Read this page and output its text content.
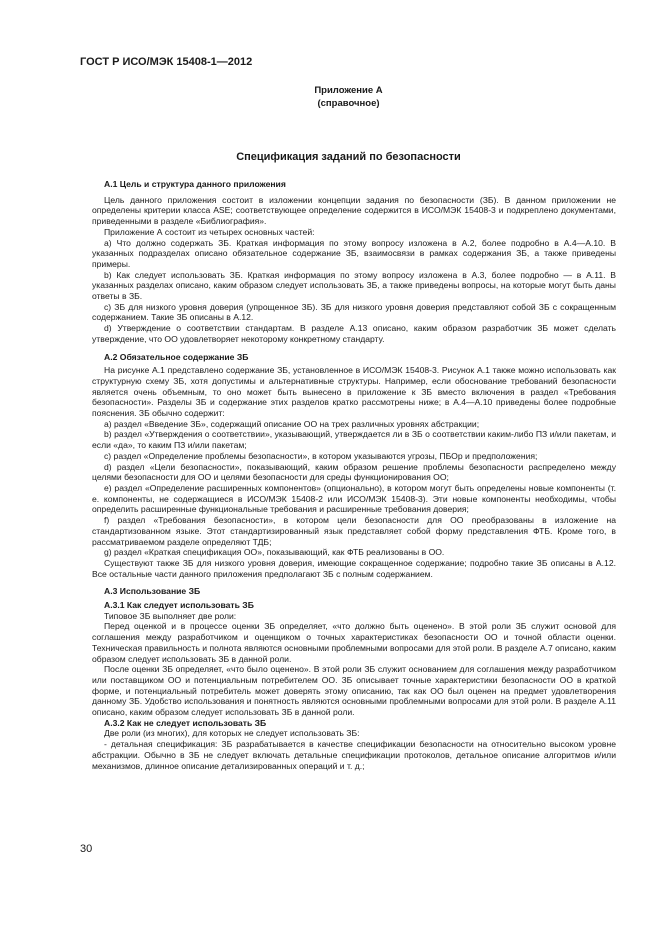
ГОСТ Р ИСО/МЭК 15408-1—2012
Приложение А
(справочное)
Спецификация заданий по безопасности

А.1 Цель и структура данного приложения

Цель данного приложения состоит в изложении концепции задания по безопасности (ЗБ). В данном приложении не определены критерии класса ASE; соответствующее определение содержится в ИСО/МЭК 15408-3 и подкреплено документами, приведенными в разделе «Библиография».

Приложение А состоит из четырех основных частей:

а) Что должно содержать ЗБ. Краткая информация по этому вопросу изложена в А.2, более подробно в А.4—А.10. В указанных подразделах описано обязательное содержание ЗБ, взаимосвязи в рамках содержания ЗБ, а также приведены примеры.

b) Как следует использовать ЗБ. Краткая информация по этому вопросу изложена в А.3, более подробно — в А.11. В указанных разделах описано, каким образом следует использовать ЗБ, а также приведены вопросы, на которые могут быть даны ответы в ЗБ.

с) ЗБ для низкого уровня доверия (упрощенное ЗБ). ЗБ для низкого уровня доверия представляют собой ЗБ с сокращенным содержанием. Такие ЗБ описаны в А.12.

d) Утверждение о соответствии стандартам. В разделе А.13 описано, каким образом разработчик ЗБ может сделать утверждение, что ОО удовлетворяет некоторому конкретному стандарту.

А.2 Обязательное содержание ЗБ

На рисунке А.1 представлено содержание ЗБ, установленное в ИСО/МЭК 15408-3. Рисунок А.1 также можно использовать как структурную схему ЗБ, хотя допустимы и альтернативные структуры. Например, если обоснование требований безопасности является очень объемным, то оно может быть вынесено в приложение к ЗБ вместо включения в раздел «Требования безопасности». Разделы ЗБ и содержание этих разделов кратко рассмотрены ниже; в А.4—А.10 приведены более подробные пояснения. ЗБ обычно содержит:

а) раздел «Введение ЗБ», содержащий описание ОО на трех различных уровнях абстракции;

b) раздел «Утверждения о соответствии», указывающий, утверждается ли в ЗБ о соответствии каким-либо ПЗ и/или пакетам, и если «да», то каким ПЗ и/или пакетам;

с) раздел «Определение проблемы безопасности», в котором указываются угрозы, ПБОр и предположения;

d) раздел «Цели безопасности», показывающий, каким образом решение проблемы безопасности распределено между целями безопасности для ОО и целями безопасности для среды функционирования ОО;

е) раздел «Определение расширенных компонентов» (опционально), в котором могут быть определены новые компоненты (т. е. компоненты, не содержащиеся в ИСО/МЭК 15408-2 или ИСО/МЭК 15408-3). Эти новые компоненты необходимы, чтобы определить расширенные функциональные требования и расширенные требования доверия;

f) раздел «Требования безопасности», в котором цели безопасности для ОО преобразованы в изложение на стандартизованном языке. Этот стандартизированный язык представляет собой форму представления ФТБ. Кроме того, в рассматриваемом разделе определяют ТДБ;

g) раздел «Краткая спецификация ОО», показывающий, как ФТБ реализованы в ОО.

Существуют также ЗБ для низкого уровня доверия, имеющие сокращенное содержание; подробно такие ЗБ описаны в А.12. Все остальные части данного приложения предполагают ЗБ с полным содержанием.

А.3 Использование ЗБ

А.3.1 Как следует использовать ЗБ

Типовое ЗБ выполняет две роли:

Перед оценкой и в процессе оценки ЗБ определяет, «что должно быть оценено». В этой роли ЗБ служит основой для соглашения между разработчиком и оценщиком о точных характеристиках безопасности ОО и точной области оценки. Техническая правильность и полнота являются основными проблемными вопросами для этой роли. В разделе А.7 описано, каким образом следует использовать ЗБ в данной роли.

После оценки ЗБ определяет, «что было оценено». В этой роли ЗБ служит основанием для соглашения между разработчиком или поставщиком ОО и потенциальным потребителем ОО. ЗБ описывает точные характеристики безопасности ОО в краткой форме, и потенциальный потребитель может доверять этому описанию, так как ОО был оценен на предмет удовлетворения данному ЗБ. Удобство использования и понятность являются основными проблемными вопросами для этой роли. В разделе А.11 описано, каким образом следует использовать ЗБ в данной роли.

А.3.2 Как не следует использовать ЗБ

Две роли (из многих), для которых не следует использовать ЗБ:

- детальная спецификация: ЗБ разрабатывается в качестве спецификации безопасности на относительно высоком уровне абстракции. Обычно в ЗБ не следует включать детальные спецификации протоколов, детальное описание алгоритмов и/или механизмов, длинное описание детализированных операций и т. д.;

30
